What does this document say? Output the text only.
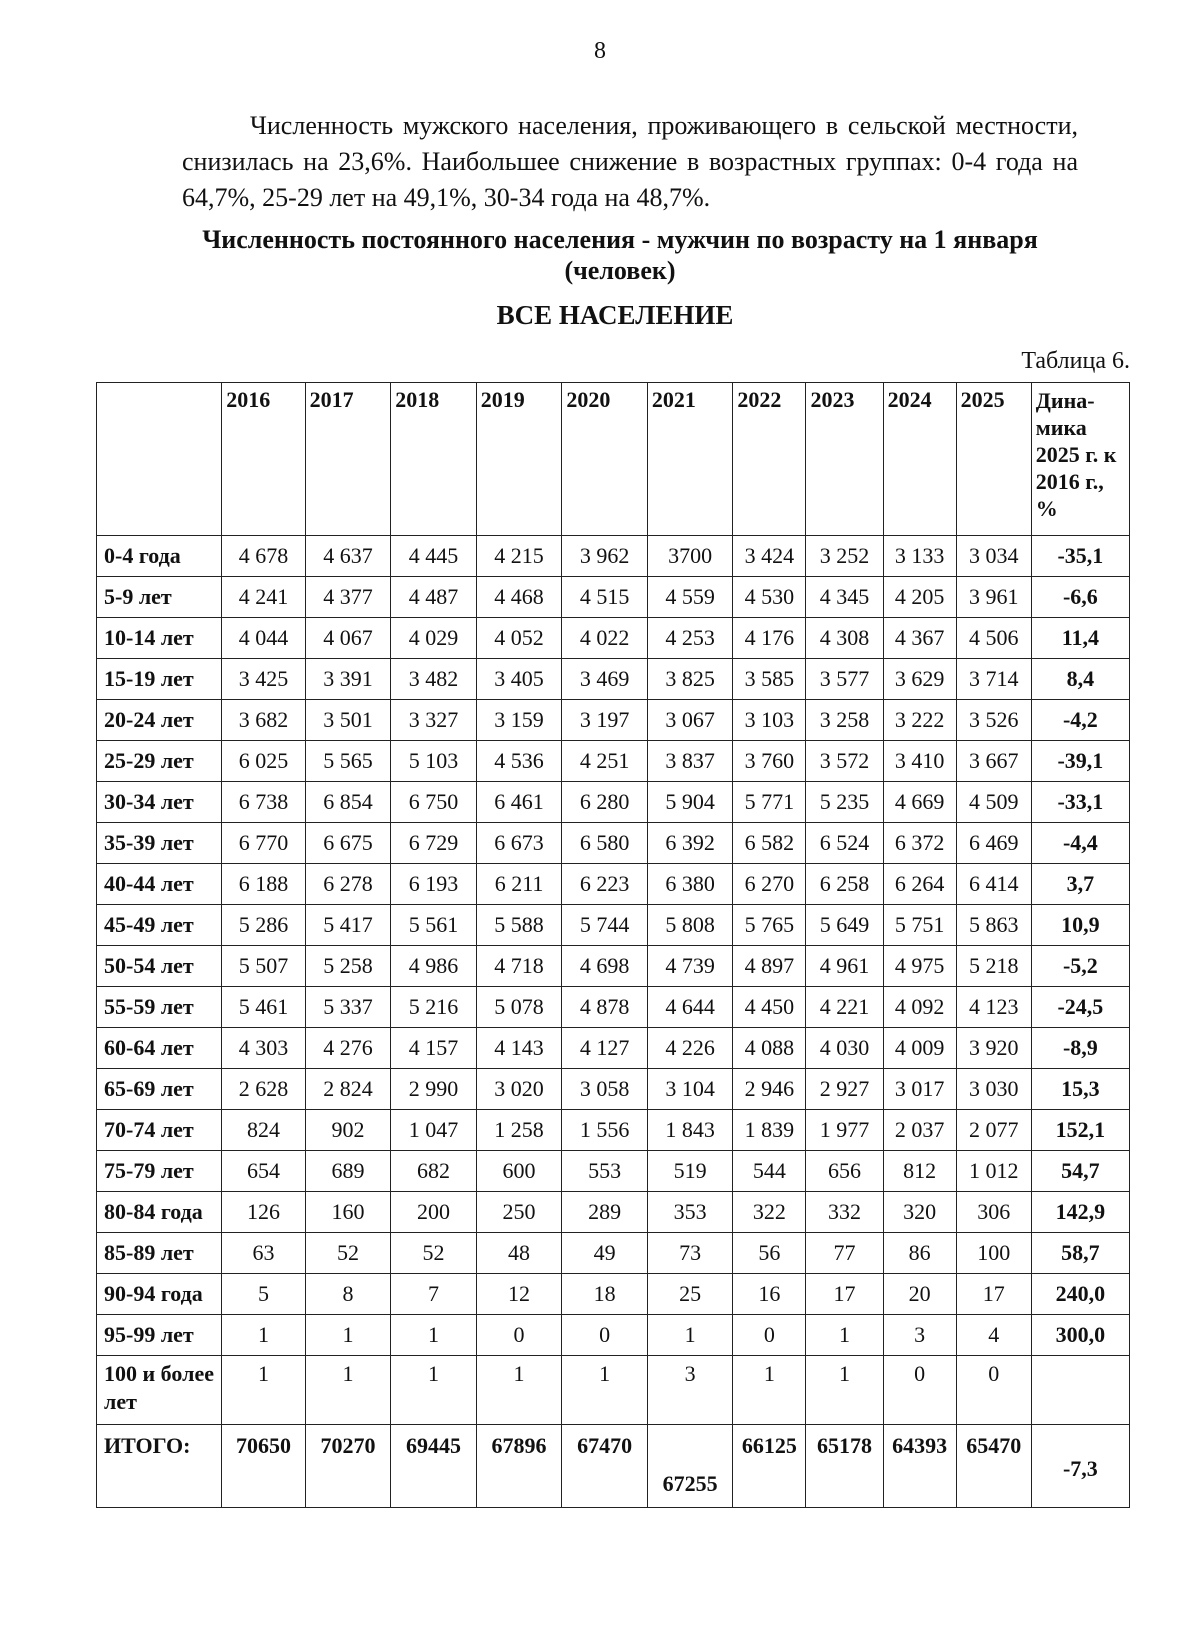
8

Численность мужского населения, проживающего в сельской местности, снизилась на 23,6%. Наибольшее снижение в возрастных группах: 0-4 года на 64,7%, 25-29 лет на 49,1%, 30-34 года на 48,7%.

Численность постоянного населения - мужчин по возрасту на 1 января
(человек)
ВСЕ НАСЕЛЕНИЕ
Таблица 6.
	2016	2017	2018	2019	2020	2021	2022	2023	2024	2025	Дина-мика 2025 г. к 2016 г., %
0-4 года	4 678	4 637	4 445	4 215	3 962	3700	3 424	3 252	3 133	3 034	-35,1
5-9 лет	4 241	4 377	4 487	4 468	4 515	4 559	4 530	4 345	4 205	3 961	-6,6
10-14 лет	4 044	4 067	4 029	4 052	4 022	4 253	4 176	4 308	4 367	4 506	11,4
15-19 лет	3 425	3 391	3 482	3 405	3 469	3 825	3 585	3 577	3 629	3 714	8,4
20-24 лет	3 682	3 501	3 327	3 159	3 197	3 067	3 103	3 258	3 222	3 526	-4,2
25-29 лет	6 025	5 565	5 103	4 536	4 251	3 837	3 760	3 572	3 410	3 667	-39,1
30-34 лет	6 738	6 854	6 750	6 461	6 280	5 904	5 771	5 235	4 669	4 509	-33,1
35-39 лет	6 770	6 675	6 729	6 673	6 580	6 392	6 582	6 524	6 372	6 469	-4,4
40-44 лет	6 188	6 278	6 193	6 211	6 223	6 380	6 270	6 258	6 264	6 414	3,7
45-49 лет	5 286	5 417	5 561	5 588	5 744	5 808	5 765	5 649	5 751	5 863	10,9
50-54 лет	5 507	5 258	4 986	4 718	4 698	4 739	4 897	4 961	4 975	5 218	-5,2
55-59 лет	5 461	5 337	5 216	5 078	4 878	4 644	4 450	4 221	4 092	4 123	-24,5
60-64 лет	4 303	4 276	4 157	4 143	4 127	4 226	4 088	4 030	4 009	3 920	-8,9
65-69 лет	2 628	2 824	2 990	3 020	3 058	3 104	2 946	2 927	3 017	3 030	15,3
70-74 лет	824	902	1 047	1 258	1 556	1 843	1 839	1 977	2 037	2 077	152,1
75-79 лет	654	689	682	600	553	519	544	656	812	1 012	54,7
80-84 года	126	160	200	250	289	353	322	332	320	306	142,9
85-89 лет	63	52	52	48	49	73	56	77	86	100	58,7
90-94 года	5	8	7	12	18	25	16	17	20	17	240,0
95-99 лет	1	1	1	0	0	1	0	1	3	4	300,0
100 и более лет	1	1	1	1	1	3	1	1	0	0	
ИТОГО:	70650	70270	69445	67896	67470	67255	66125	65178	64393	65470	-7,3
